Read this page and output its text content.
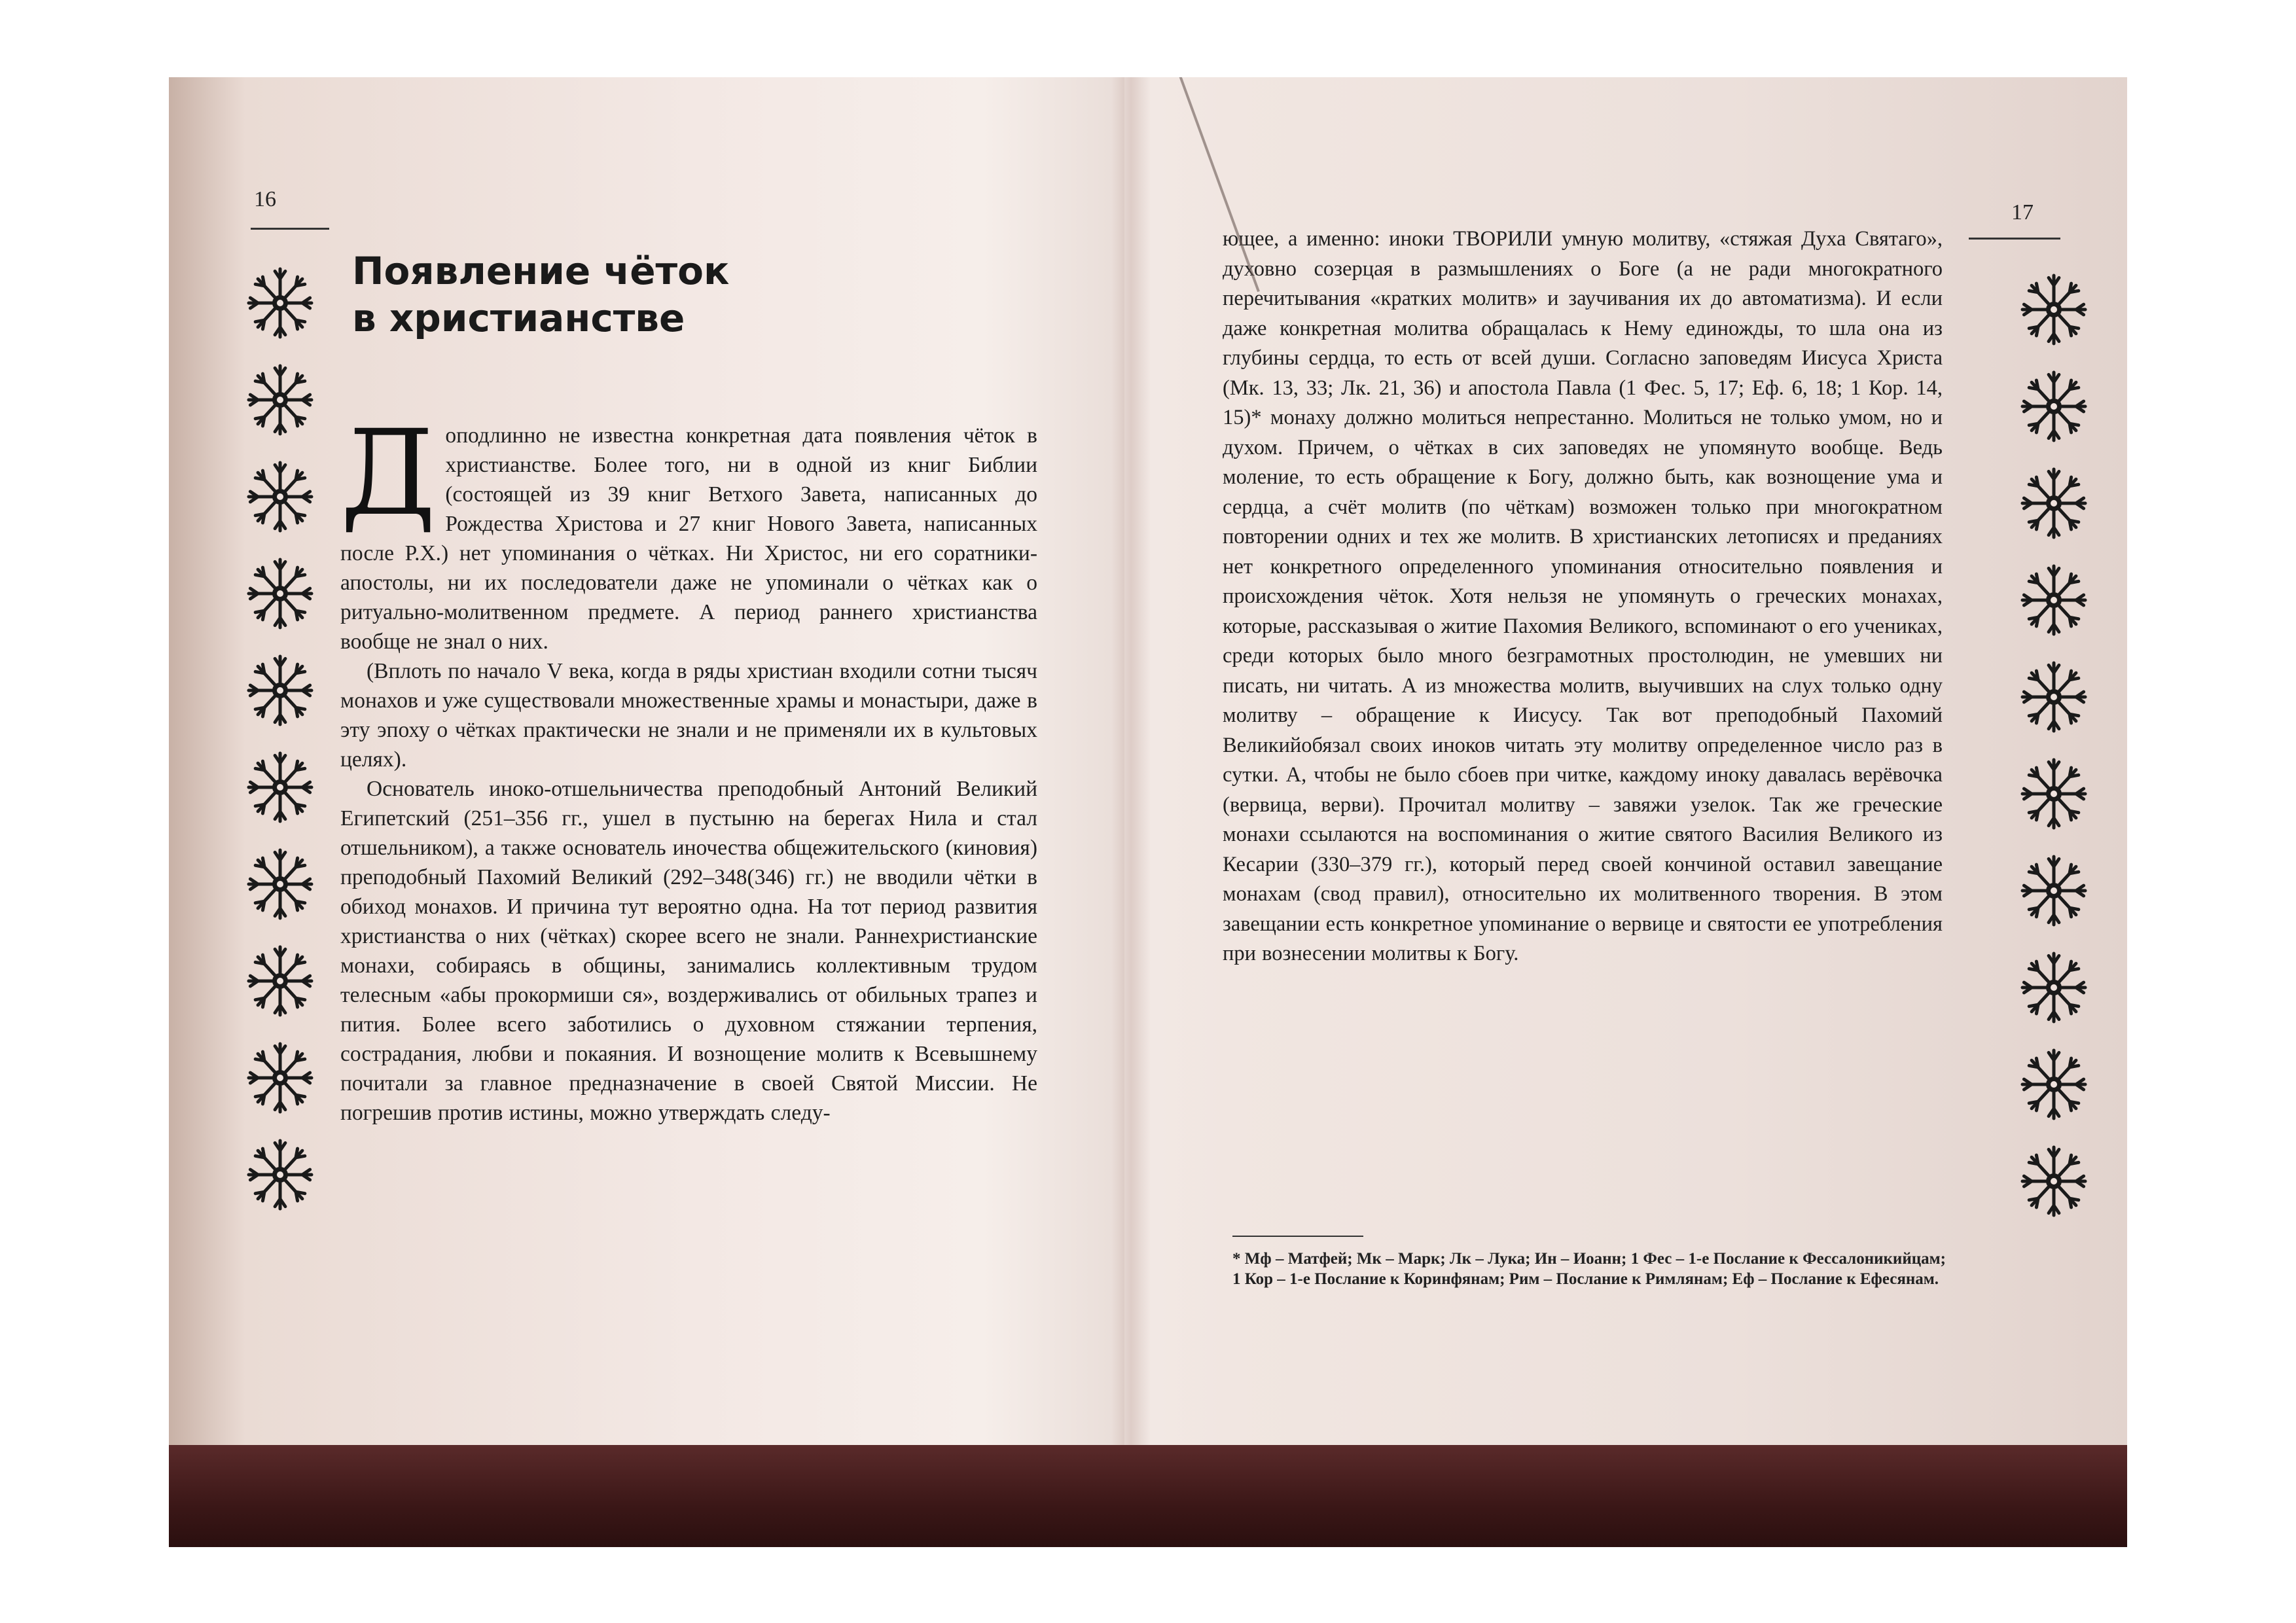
16
Появление чёток
в христианстве

Доподлинно не известна конкретная дата появления чёток в христианстве. Более того, ни в одной из книг Библии (состоящей из 39 книг Ветхого Завета, написанных до Рождества Христова и 27 книг Нового Завета, написанных после Р.Х.) нет упоминания о чётках. Ни Христос, ни его соратники-апостолы, ни их последователи даже не упоминали о чётках как о ритуально-молитвенном предмете. А период раннего христианства вообще не знал о них.

(Вплоть по начало V века, когда в ряды христиан входили сотни тысяч монахов и уже существовали множественные храмы и монастыри, даже в эту эпоху о чётках практически не знали и не применяли их в культовых целях).

Основатель иноко-отшельничества преподобный Антоний Великий Египетский (251–356 гг., ушел в пустыню на берегах Нила и стал отшельником), а также основатель иночества общежительского (киновия) преподобный Пахомий Великий (292–348(346) гг.) не вводили чётки в обиход монахов. И причина тут вероятно одна. На тот период развития христианства о них (чётках) скорее всего не знали. Раннехристианские монахи, собираясь в общины, занимались коллективным трудом телесным «абы прокормиши ся», воздерживались от обильных трапез и пития. Более всего заботились о духовном стяжании терпения, сострадания, любви и покаяния. И вознощение молитв к Всевышнему почитали за главное предназначение в своей Святой Миссии. Не погрешив против истины, можно утверждать следу-

17

ющее, а именно: иноки ТВОРИЛИ умную молитву, «стяжая Духа Святаго», духовно созерцая в размышлениях о Боге (а не ради многократного перечитывания «кратких молитв» и заучивания их до автоматизма). И если даже конкретная молитва обращалась к Нему единожды, то шла она из глубины сердца, то есть от всей души. Согласно заповедям Иисуса Христа (Мк. 13, 33; Лк. 21, 36) и апостола Павла (1 Фес. 5, 17; Еф. 6, 18; 1 Кор. 14, 15)* монаху должно молиться непрестанно. Молиться не только умом, но и духом. Причем, о чётках в сих заповедях не упомянуто вообще. Ведь моление, то есть обращение к Богу, должно быть, как вознощение ума и сердца, а счёт молитв (по чёткам) возможен только при многократном повторении одних и тех же молитв. В христианских летописях и преданиях нет конкретного определенного упоминания относительно появления и происхождения чёток. Хотя нельзя не упомянуть о греческих монахах, которые, рассказывая о житие Пахомия Великого, вспоминают о его учениках, среди которых было много безграмотных простолюдин, не умевших ни писать, ни читать. А из множества молитв, выучивших на слух только одну молитву – обращение к Иисусу. Так вот преподобный Пахомий Великийобязал своих иноков читать эту молитву определенное число раз в сутки. А, чтобы не было сбоев при читке, каждому иноку давалась верёвочка (вервица, верви). Прочитал молитву – завяжи узелок. Так же греческие монахи ссылаются на воспоминания о житие святого Василия Великого из Кесарии (330–379 гг.), который перед своей кончиной оставил завещание монахам (свод правил), относительно их молитвенного творения. В этом завещании есть конкретное упоминание о вервице и святости ее употребления при вознесении молитвы к Богу.

* Мф – Матфей; Мк – Марк; Лк – Лука; Ин – Иоанн; 1 Фес – 1-е Послание к Фессалоникийцам; 1 Кор – 1-е Послание к Коринфянам; Рим – Послание к Римлянам; Еф – Послание к Ефесянам.
